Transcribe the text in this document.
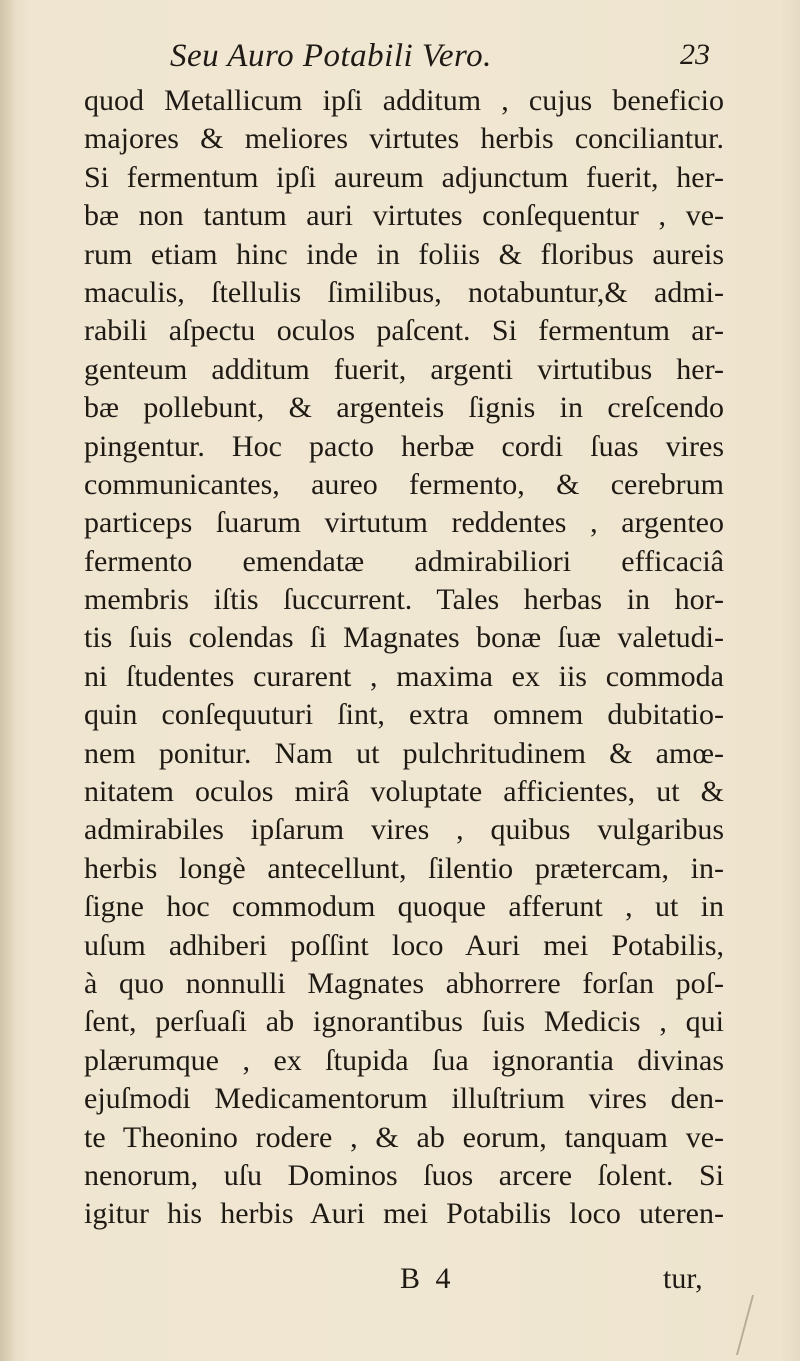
Seu Auro Potabili Vero.	23
quod Metallicum ipſi additum , cujus beneficio
majores & meliores virtutes herbis conciliantur.
Si fermentum ipſi aureum adjunctum fuerit, her-
bæ non tantum auri virtutes conſequentur , ve-
rum etiam hinc inde in foliis & floribus aureis
maculis, ſtellulis ſimilibus, notabuntur,& admi-
rabili aſpectu oculos paſcent. Si fermentum ar-
genteum additum fuerit, argenti virtutibus her-
bæ pollebunt, & argenteis ſignis in creſcendo
pingentur. Hoc pacto herbæ cordi ſuas vires
communicantes, aureo fermento, & cerebrum
particeps ſuarum virtutum reddentes , argenteo
fermento emendatæ admirabiliori efficaciâ
membris iſtis ſuccurrent. Tales herbas in hor-
tis ſuis colendas ſi Magnates bonæ ſuæ valetudi-
ni ſtudentes curarent , maxima ex iis commoda
quin conſequuturi ſint, extra omnem dubitatio-
nem ponitur. Nam ut pulchritudinem & amœ-
nitatem oculos mirâ voluptate afficientes, ut &
admirabiles ipſarum vires , quibus vulgaribus
herbis longè antecellunt, ſilentio prætercam, in-
ſigne hoc commodum quoque afferunt , ut in
uſum adhiberi poſſint loco Auri mei Potabilis,
à quo nonnulli Magnates abhorrere forſan poſ-
ſent, perſuaſi ab ignorantibus ſuis Medicis , qui
plærumque , ex ſtupida ſua ignorantia divinas
ejuſmodi Medicamentorum illuſtrium vires den-
te Theonino rodere , & ab eorum, tanquam ve-
nenorum, uſu Dominos ſuos arcere ſolent. Si
igitur his herbis Auri mei Potabilis loco uteren-
B 4	tur,
